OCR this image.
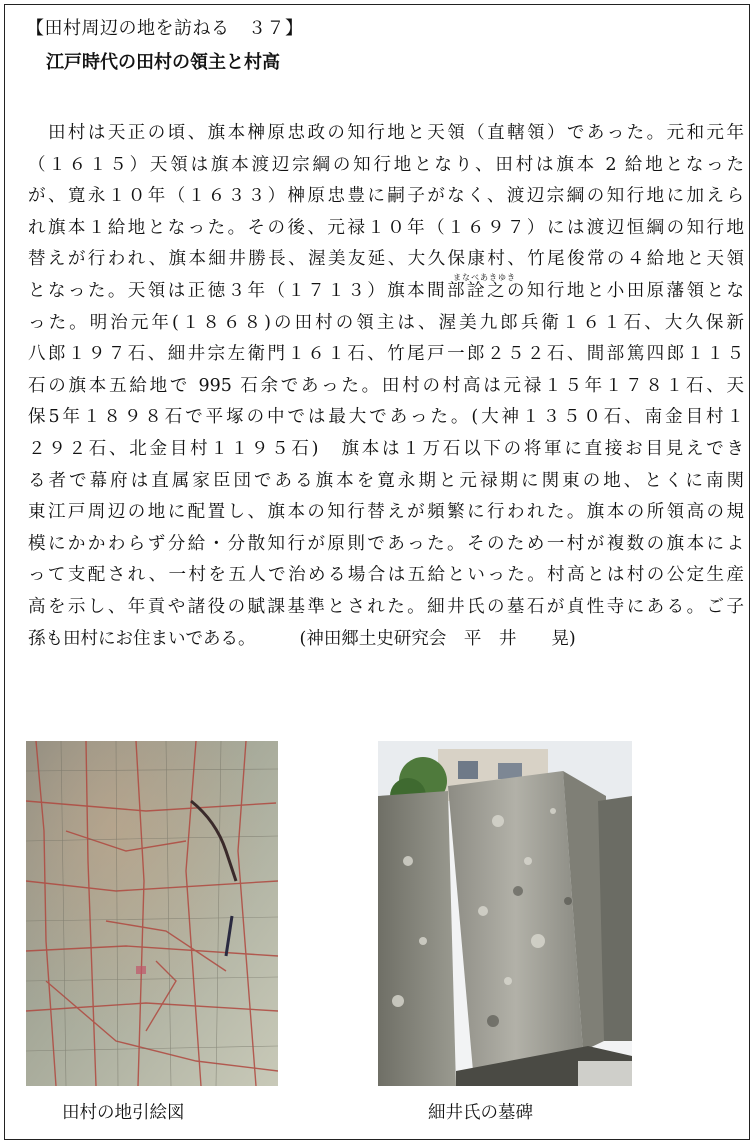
【田村周辺の地を訪ねる　３７】
江戸時代の田村の領主と村高
　田村は天正の頃、旗本榊原忠政の知行地と天領（直轄領）であった。元和元年
（１６１５）天領は旗本渡辺宗綱の知行地となり、田村は旗本 2 給地となった
が、寛永１０年（１６３３）榊原忠豊に嗣子がなく、渡辺宗綱の知行地に加えら
れ旗本１給地となった。その後、元禄１０年（１６９７）には渡辺恒綱の知行地
替えが行われ、旗本細井勝長、渥美友延、大久保康村、竹尾俊常の４給地と天領
まなべあきゆき
となった。天領は正徳３年（１７１３）旗本間部詮之の知行地と小田原藩領とな
った。明治元年(１８６８)の田村の領主は、渥美九郎兵衛１６１石、大久保新
八郎１９７石、細井宗左衛門１６１石、竹尾戸一郎２５２石、間部篤四郎１１５
石の旗本五給地で 995 石余であった。田村の村高は元禄１５年１７８１石、天
保5年１８９８石で平塚の中では最大であった。(大神１３５０石、南金目村１
２９２石、北金目村１１９５石)　旗本は１万石以下の将軍に直接お目見えでき
る者で幕府は直属家臣団である旗本を寛永期と元禄期に関東の地、とくに南関
東江戸周辺の地に配置し、旗本の知行替えが頻繁に行われた。旗本の所領高の規
模にかかわらず分給・分散知行が原則であった。そのため一村が複数の旗本によ
って支配され、一村を五人で治める場合は五給といった。村高とは村の公定生産
高を示し、年貢や諸役の賦課基準とされた。細井氏の墓石が貞性寺にある。ご子
孫も田村にお住まいである。	(神田郷土史研究会　平　井　　晃)
田村の地引絵図	細井氏の墓碑
